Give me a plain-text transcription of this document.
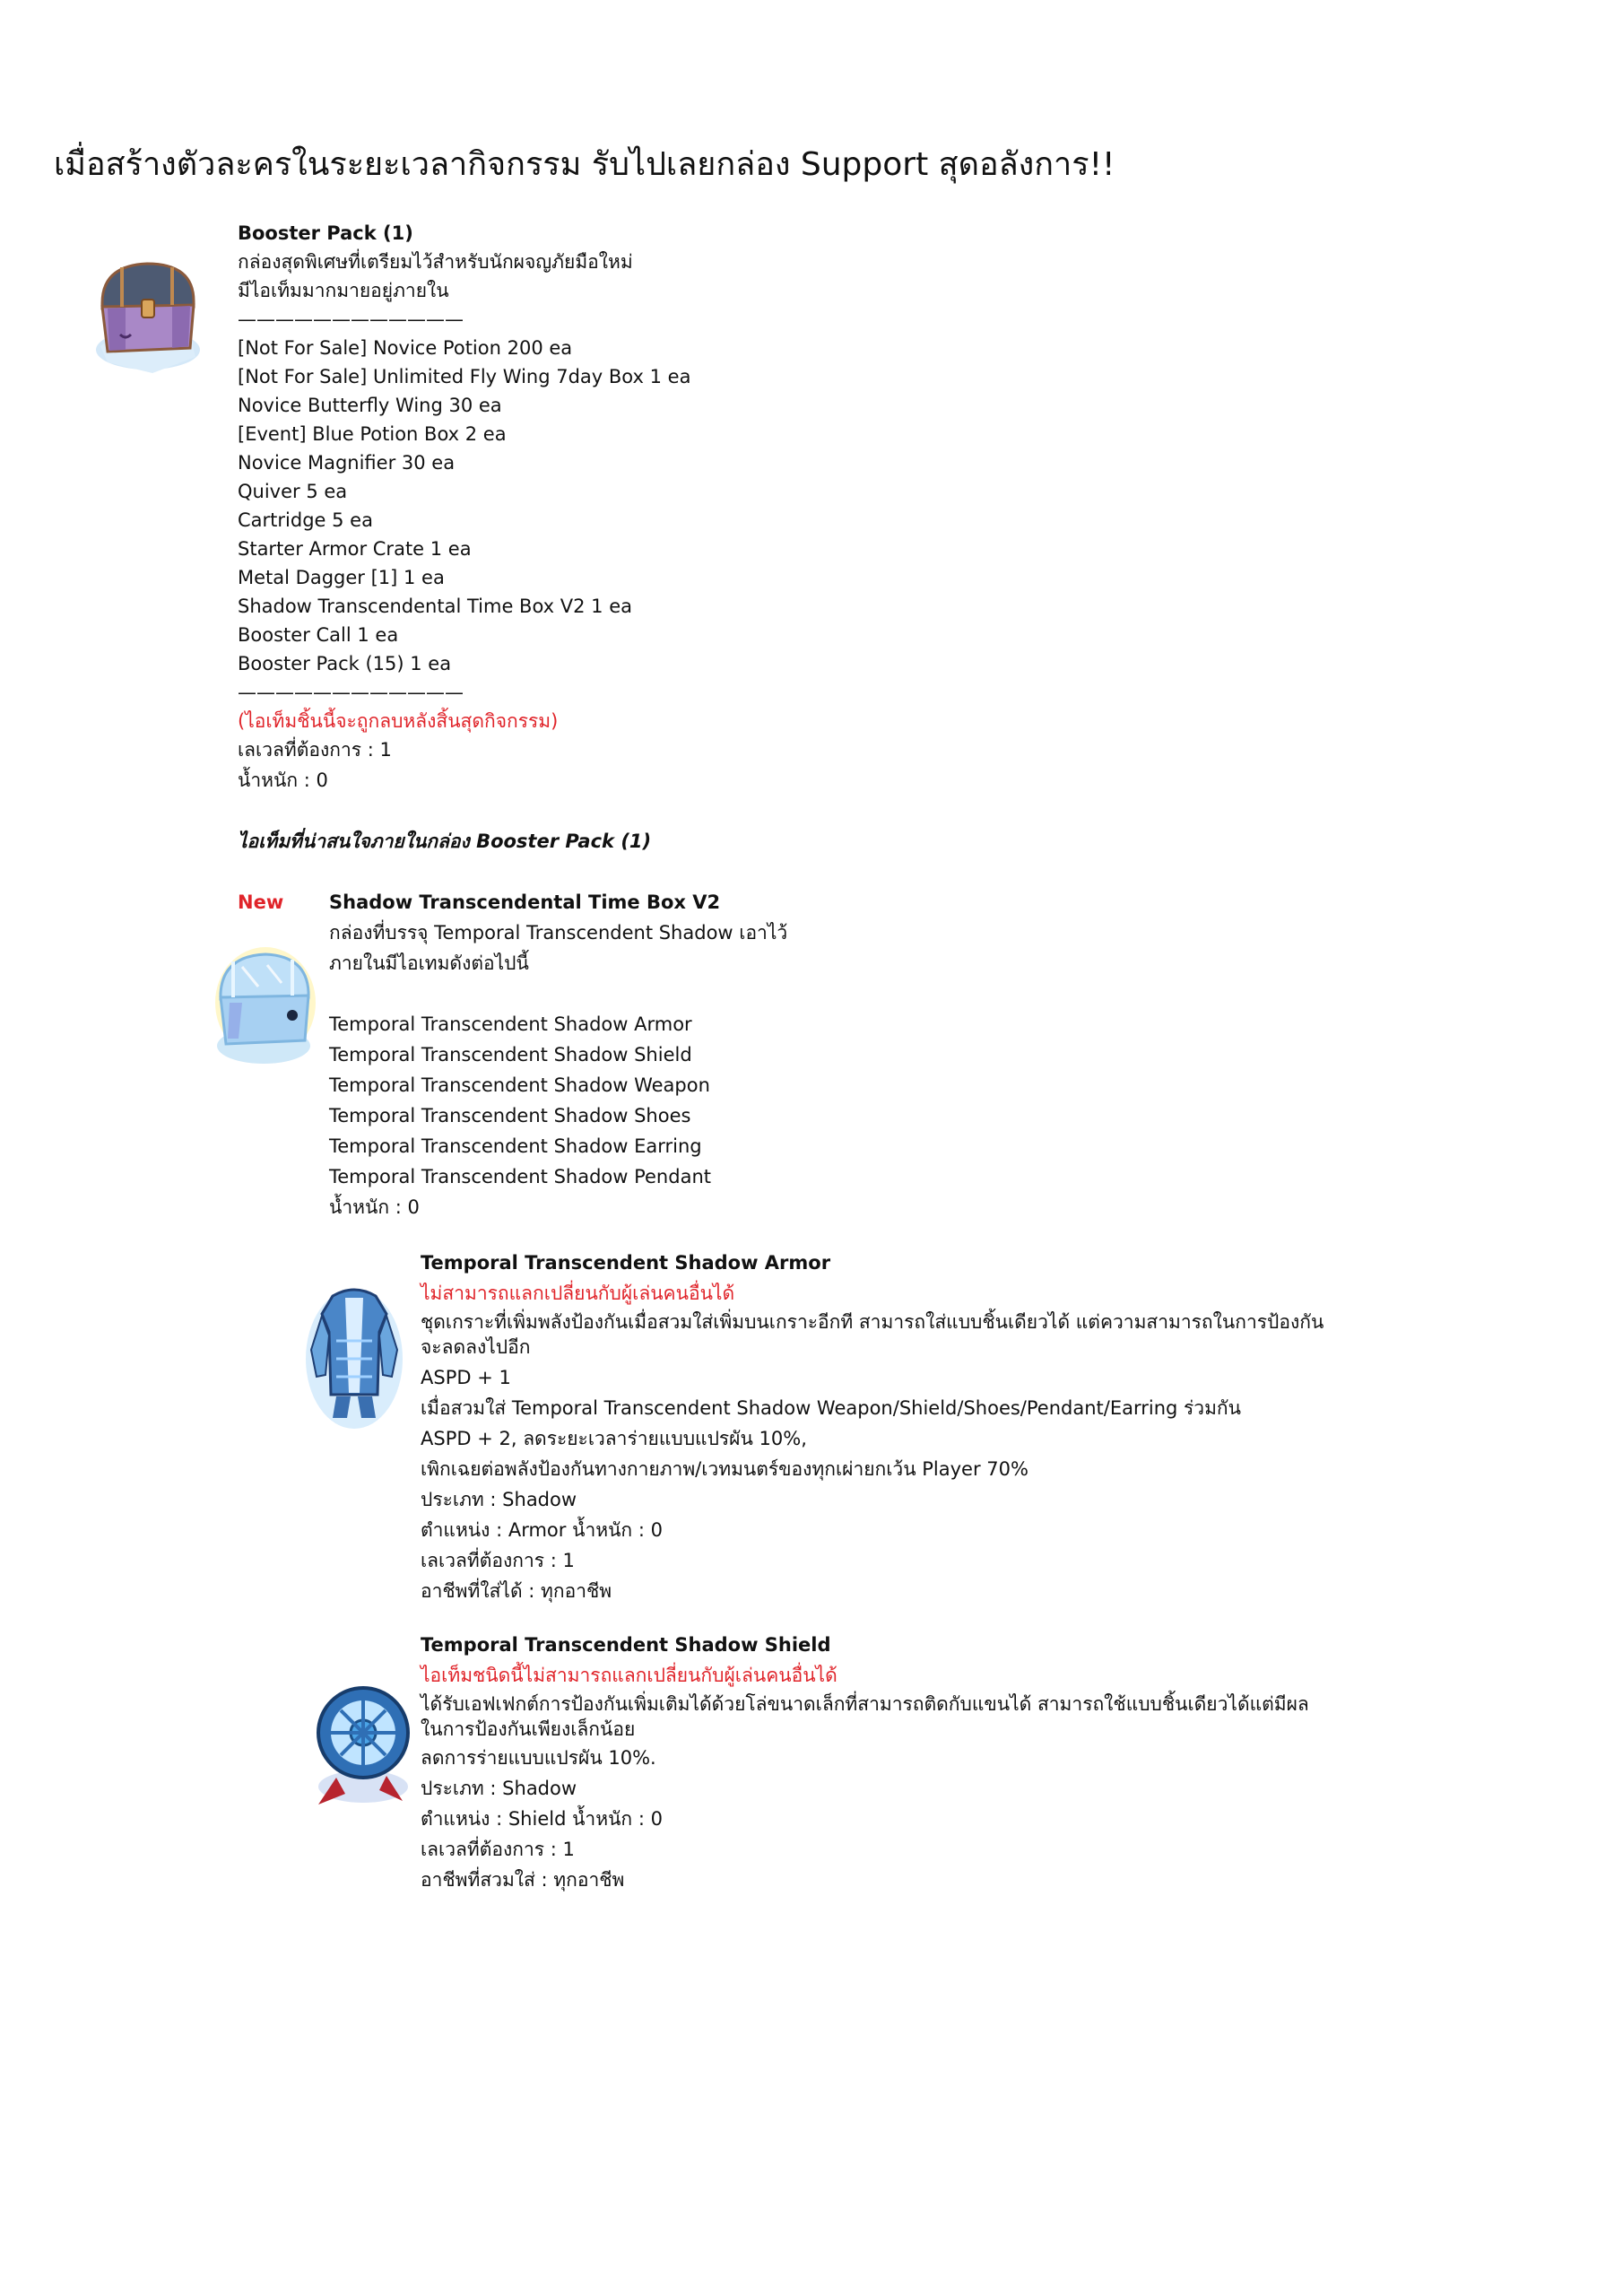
เมื่อสร้างตัวละครในระยะเวลากิจกรรม รับไปเลยกล่อง Support สุดอลังการ!!
Booster Pack (1)
กล่องสุดพิเศษที่เตรียมไว้สำหรับนักผจญภัยมือใหม่
มีไอเท็มมากมายอยู่ภายใน
————————————
[Not For Sale] Novice Potion 200 ea
[Not For Sale] Unlimited Fly Wing 7day Box 1 ea
Novice Butterfly Wing 30 ea
[Event] Blue Potion Box 2 ea
Novice Magnifier 30 ea
Quiver 5 ea
Cartridge 5 ea
Starter Armor Crate 1 ea
Metal Dagger [1] 1 ea
Shadow Transcendental Time Box V2 1 ea
Booster Call 1 ea
Booster Pack (15) 1 ea
————————————
(ไอเท็มชิ้นนี้จะถูกลบหลังสิ้นสุดกิจกรรม)
เลเวลที่ต้องการ : 1
น้ำหนัก : 0
ไอเท็มที่น่าสนใจภายในกล่อง Booster Pack (1)
New Shadow Transcendental Time Box V2
กล่องที่บรรจุ Temporal Transcendent Shadow เอาไว้
ภายในมีไอเทมดังต่อไปนี้
Temporal Transcendent Shadow Armor
Temporal Transcendent Shadow Shield
Temporal Transcendent Shadow Weapon
Temporal Transcendent Shadow Shoes
Temporal Transcendent Shadow Earring
Temporal Transcendent Shadow Pendant
น้ำหนัก : 0
Temporal Transcendent Shadow Armor
ไม่สามารถแลกเปลี่ยนกับผู้เล่นคนอื่นได้
ชุดเกราะที่เพิ่มพลังป้องกันเมื่อสวมใส่เพิ่มบนเกราะอีกที สามารถใส่แบบชิ้นเดียวได้ แต่ความสามารถในการป้องกัน
จะลดลงไปอีก
ASPD + 1
เมื่อสวมใส่ Temporal Transcendent Shadow Weapon/Shield/Shoes/Pendant/Earring ร่วมกัน
ASPD + 2, ลดระยะเวลาร่ายแบบแปรผัน 10%,
เพิกเฉยต่อพลังป้องกันทางกายภาพ/เวทมนตร์ของทุกเผ่ายกเว้น Player 70%
ประเภท : Shadow
ตำแหน่ง : Armor น้ำหนัก : 0
เลเวลที่ต้องการ : 1
อาชีพที่ใส่ได้ : ทุกอาชีพ
Temporal Transcendent Shadow Shield
ไอเท็มชนิดนี้ไม่สามารถแลกเปลี่ยนกับผู้เล่นคนอื่นได้
ได้รับเอฟเฟกต์การป้องกันเพิ่มเติมได้ด้วยโล่ขนาดเล็กที่สามารถติดกับแขนได้ สามารถใช้แบบชิ้นเดียวได้แต่มีผล
ในการป้องกันเพียงเล็กน้อย
ลดการร่ายแบบแปรผัน 10%.
ประเภท : Shadow
ตำแหน่ง : Shield น้ำหนัก : 0
เลเวลที่ต้องการ : 1
อาชีพที่สวมใส่ : ทุกอาชีพ
